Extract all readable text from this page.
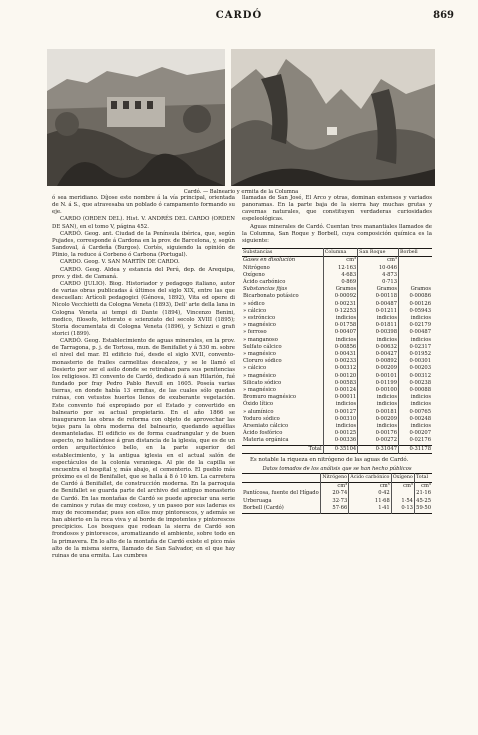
CARDÓ	869
Cardó. — Balneario y ermita de la Columna

ó sea meridiano. Díjose este nombre á la vía principal, orientada de N. á S., que atravesaba un poblado ó campamento formando su eje.

CARDO (ORDEN DEL). Hist. V. ANDRÉS DEL CARDO (ORDEN DE SAN), en el tomo V, página 452.

CARDÓ. Geog. ant. Ciudad de la Península ibérica, que, según Pujades, corresponde á Cardona en la prov. de Barcelona, y, según Sandoval, á Cardeña (Burgos). Cortés, siguiendo la opinión de Plinio, la reduce á Corbeno ó Carbona (Portugal).

CARDO. Geog. V. SAN MARTÍN DE CARDO.

CARDO. Geog. Aldea y estancia del Perú, dep. de Arequipa, prov. y dist. de Camaná.

CARDO (JULIO). Biog. Historiador y pedagogo italiano, autor de varias obras publicadas á últimos del siglo XIX, entre las que descuellan: Artícoli pedagogici (Génova, 1892), Vita ed opere di Nicolo Vecchietti da Cologna Veneta (1893), Dell' arte della lana in Cologna Veneta ai tempi di Dante (1894), Vincenzo Benini, medico, filosofo, letterato e scienziato del secolo XVIII (1895); Storia documentata di Cologna Veneta (1896), y Schizzi e grafi storici (1899).

CARDÓ. Geog. Establecimiento de aguas minerales, en la prov. de Tarragona, p. j. de Tortosa, mun. de Benifallet y á 530 m. sobre el nivel del mar. El edificio fué, desde el siglo XVII, convento-monasterio de frailes carmelitas descalzos, y se le llamó el Desierto por ser el asilo donde se retiraban para sus penitencias los religiosos. El convento de Cardó, dedicado á san Hilarión, fué fundado por fray Pedro Pablo Revull en 1605. Poseía varias tierras, en donde había 13 ermitas, de las cuales sólo quedan ruinas, con vetustos huertos llenos de exuberante vegetación. Este convento fué expropiado por el Estado y convertido en balneario por su actual propietario. En el año 1866 se inauguraron las obras de reforma con objeto de aprovechar las tejas para la obra moderna del balneario, quedando aquéllas desmanteladas. El edificio es de forma cuadrangular y de buen aspecto, no hallándose á gran distancia de la iglesia, que es de un orden arquitectónico bello, en la parte superior del establecimiento, y la antigua iglesia en el actual salón de espectáculos de la colonia veraniega. Al pie de la capilla se encuentra el hospital y, más abajo, el cementerio. El pueblo más próximo es el de Benifallet, que se halla á 8 ó 10 km. La carretera de Cardó á Benifallet, de construcción moderna. En la parroquia de Benifallet se guarda parte del archivo del antiguo monasterio de Cardó. En las montañas de Cardó se puede apreciar una serie de caminos y rutas de muy costoso, y un paseo por sus laderas es muy de recomendar, pues son ellos muy pintorescos, y además se han abierto en la roca viva y al borde de impotentes y pintorescos precipicios. Los bosques que rodean la sierra de Cardó son frondosos y pintorescos, aromatizando el ambiente, sobre todo en la primavera. En lo alto de la montaña de Cardó existe el pico más alto de la misma sierra, llamado de San Salvador, en el que hay ruinas de una ermita. Las cumbres

llamadas de San José, El Arco y otras, dominan extensos y variados panoramas. En la parte baja de la sierra hay muchas grutas y cavernas naturales, que constituyen verdaderas curiosidades espeleológicas.

Aguas minerales de Cardó. Cuentan tres manantiales llamados de la Columna, San Roque y Borbell, cuya composición química es la siguiente:

Substancias	Columna	San Roque	Borbell
Gases en disolución	cm³	cm³	
Nitrógeno	12·163	10·046	
Oxígeno	4·683	4·873	
Ácido carbónico	0·869	0·713	
Substancias fijas	Gramos	Gramos	Gramos
Bicarbonato potásico	0·00092	0·00118	0·00086
» sódico	0·00231	0·00487	0·00126
» cálcico	0·12253	0·01211	0·05943
» estróncico	indicios	indicios	indicios
» magnésico	0·01758	0·01811	0·02179
» ferroso	0·00407	0·00398	0·00487
» manganoso	indicios	indicios	indicios
Sulfato cálcico	0·00856	0·00632	0·02317
» magnésico	0·00431	0·00427	0·01952
Cloruro sódico	0·00233	0·00892	0·00301
» cálcico	0·00312	0·00209	0·00203
» magnésico	0·00120	0·00101	0·00312
Silicato sódico	0·00583	0·01199	0·00238
» magnésico	0·00124	0·00100	0·00088
Bromuro magnésico	0·00011	indicios	indicios
Óxido lítico	indicios	indicios	indicios
» alumínico	0·00127	0·00181	0·00765
Yoduro sódico	0·00310	0·00209	0·00248
Arseniato cálcico	indicios	indicios	indicios
Ácido fosfórico	0·00125	0·00176	0·00207
Materia orgánica	0·00336	0·00272	0·02176
Total	0·35104	0·31047	0·31178

Es notable la riqueza en nitrógeno de las aguas de Cardó.

Datos tomados de los análisis que se han hecho públicos
	Nitrógeno	Ácido carbónico	Oxígeno	Total
	cm³	cm³	cm³	cm³
Pantícosa, fuente del Hígado	20·74	0·42		21·16
Urberuaga	32·73	11·68	1·54	45·25
Borbell (Cardó)	57·66	1·41	0·13	59·50
